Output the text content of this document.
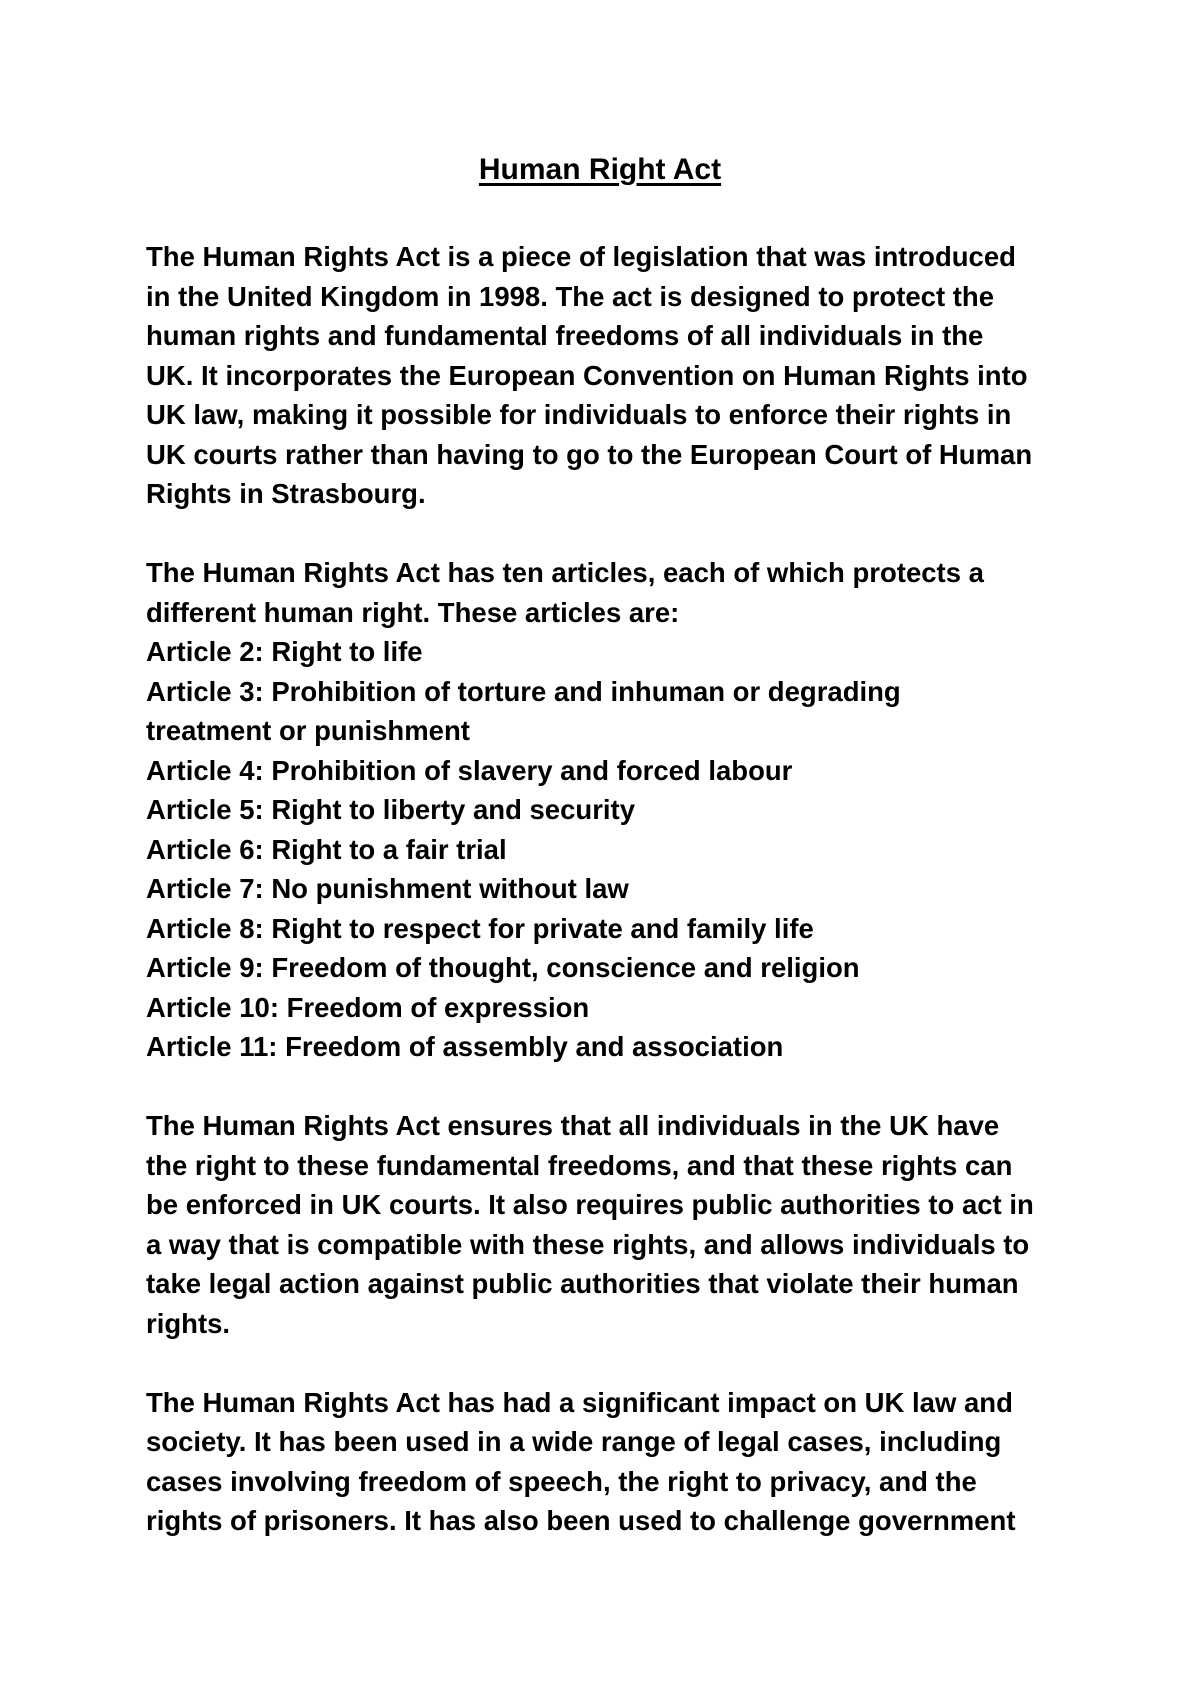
Human Right Act

The Human Rights Act is a piece of legislation that was introduced
in the United Kingdom in 1998. The act is designed to protect the
human rights and fundamental freedoms of all individuals in the
UK. It incorporates the European Convention on Human Rights into
UK law, making it possible for individuals to enforce their rights in
UK courts rather than having to go to the European Court of Human
Rights in Strasbourg.

The Human Rights Act has ten articles, each of which protects a
different human right. These articles are:
Article 2: Right to life
Article 3: Prohibition of torture and inhuman or degrading
treatment or punishment
Article 4: Prohibition of slavery and forced labour
Article 5: Right to liberty and security
Article 6: Right to a fair trial
Article 7: No punishment without law
Article 8: Right to respect for private and family life
Article 9: Freedom of thought, conscience and religion
Article 10: Freedom of expression
Article 11: Freedom of assembly and association

The Human Rights Act ensures that all individuals in the UK have
the right to these fundamental freedoms, and that these rights can
be enforced in UK courts. It also requires public authorities to act in
a way that is compatible with these rights, and allows individuals to
take legal action against public authorities that violate their human
rights.

The Human Rights Act has had a significant impact on UK law and
society. It has been used in a wide range of legal cases, including
cases involving freedom of speech, the right to privacy, and the
rights of prisoners. It has also been used to challenge government
